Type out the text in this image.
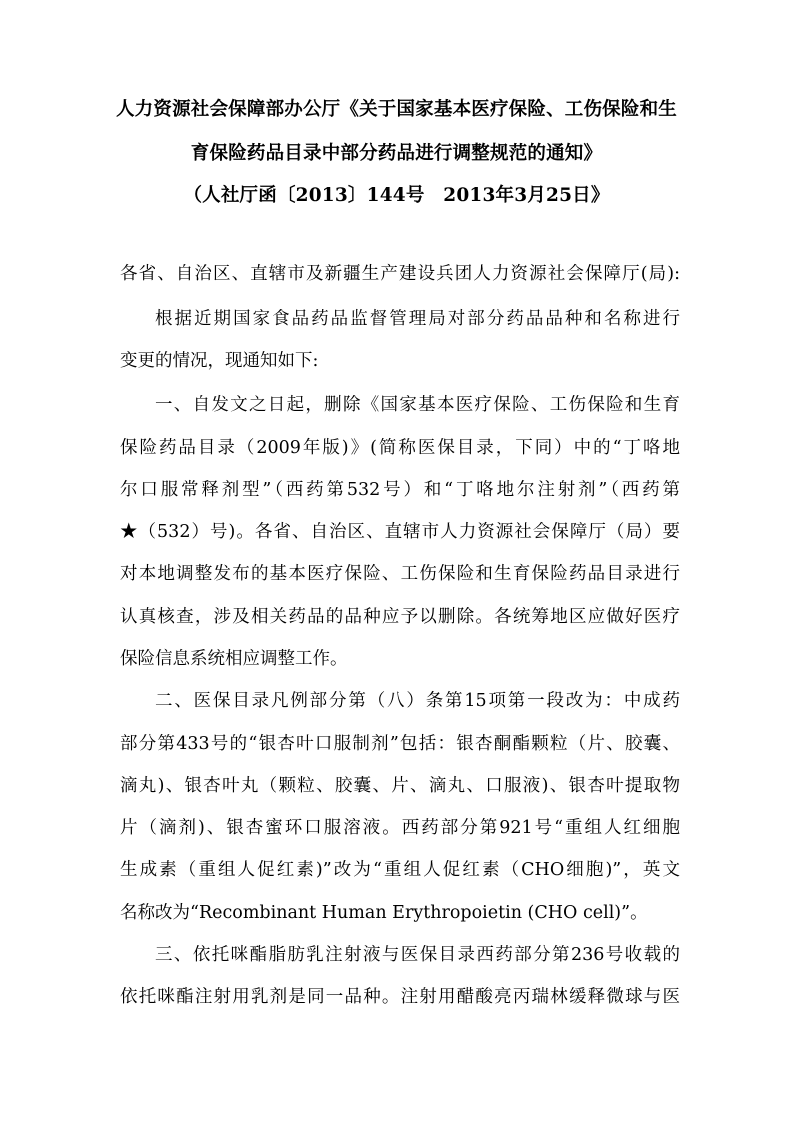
人力资源社会保障部办公厅《关于国家基本医疗保险、工伤保险和生
育保险药品目录中部分药品进行调整规范的通知》
（人社厅函〔2013〕144号　2013年3月25日》
各省、自治区、直辖市及新疆生产建设兵团人力资源社会保障厅(局):
根据近期国家食品药品监督管理局对部分药品品种和名称进行
变更的情况，现通知如下:
一、自发文之日起，删除《国家基本医疗保险、工伤保险和生育
保险药品目录（2009年版)》(简称医保目录，下同）中的“丁咯地
尔口服常释剂型”（西药第532号）和“丁咯地尔注射剂”（西药第
★（532）号)。各省、自治区、直辖市人力资源社会保障厅（局）要
对本地调整发布的基本医疗保险、工伤保险和生育保险药品目录进行
认真核查，涉及相关药品的品种应予以删除。各统筹地区应做好医疗
保险信息系统相应调整工作。
二、医保目录凡例部分第（八）条第15项第一段改为：中成药
部分第433号的“银杏叶口服制剂”包括：银杏酮酯颗粒（片、胶囊、
滴丸)、银杏叶丸（颗粒、胶囊、片、滴丸、口服液)、银杏叶提取物
片（滴剂)、银杏蜜环口服溶液。西药部分第921号“重组人红细胞
生成素（重组人促红素)”改为“重组人促红素（CHO细胞)”，英文
名称改为“Recombinant Human Erythropoietin (CHO cell)”。
三、依托咪酯脂肪乳注射液与医保目录西药部分第236号收载的
依托咪酯注射用乳剂是同一品种。注射用醋酸亮丙瑞林缓释微球与医
